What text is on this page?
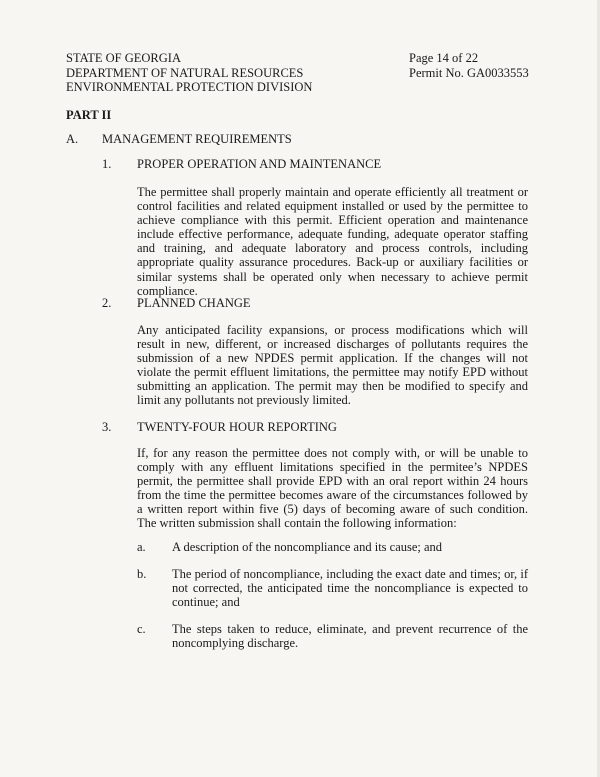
STATE OF GEORGIA
DEPARTMENT OF NATURAL RESOURCES
ENVIRONMENTAL PROTECTION DIVISION
Page 14 of 22
Permit No. GA0033553
PART II
A. MANAGEMENT REQUIREMENTS
1. PROPER OPERATION AND MAINTENANCE

The permittee shall properly maintain and operate efficiently all treatment or control facilities and related equipment installed or used by the permittee to achieve compliance with this permit. Efficient operation and maintenance include effective performance, adequate funding, adequate operator staffing and training, and adequate laboratory and process controls, including appropriate quality assurance procedures. Back-up or auxiliary facilities or similar systems shall be operated only when necessary to achieve permit compliance.

2. PLANNED CHANGE

Any anticipated facility expansions, or process modifications which will result in new, different, or increased discharges of pollutants requires the submission of a new NPDES permit application. If the changes will not violate the permit effluent limitations, the permittee may notify EPD without submitting an application. The permit may then be modified to specify and limit any pollutants not previously limited.

3. TWENTY-FOUR HOUR REPORTING

If, for any reason the permittee does not comply with, or will be unable to comply with any effluent limitations specified in the permitee’s NPDES permit, the permittee shall provide EPD with an oral report within 24 hours from the time the permittee becomes aware of the circumstances followed by a written report within five (5) days of becoming aware of such condition. The written submission shall contain the following information:

a. A description of the noncompliance and its cause; and

b. The period of noncompliance, including the exact date and times; or, if not corrected, the anticipated time the noncompliance is expected to continue; and

c. The steps taken to reduce, eliminate, and prevent recurrence of the noncomplying discharge.
